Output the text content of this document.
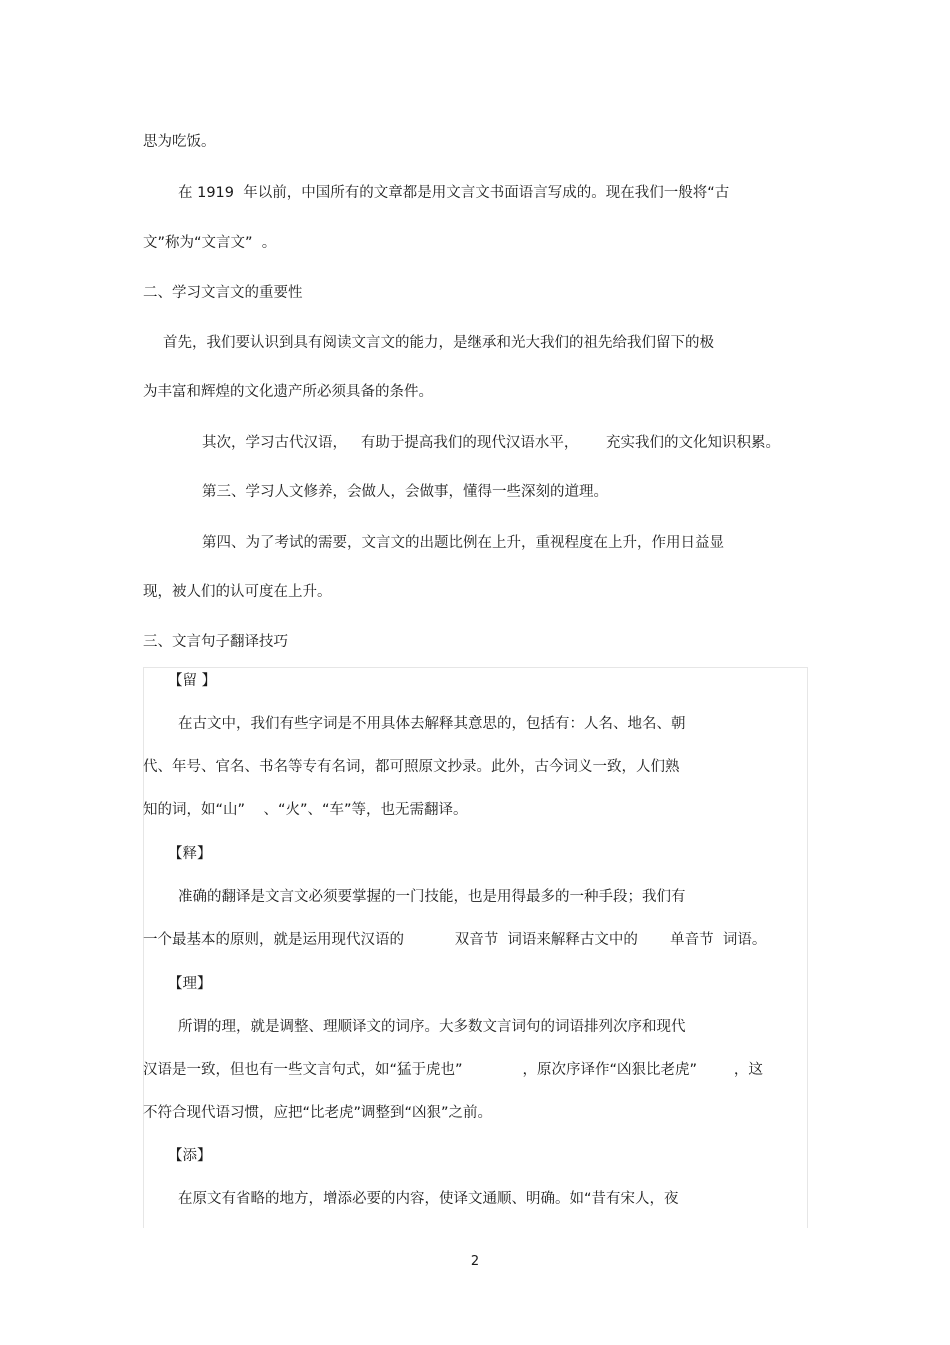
思为吃饭。
在 1919  年以前，中国所有的文章都是用文言文书面语言写成的。现在我们一般将“古
文”称为“文言文”  。
二、学习文言文的重要性
首先，我们要认识到具有阅读文言文的能力，是继承和光大我们的祖先给我们留下的极
为丰富和辉煌的文化遗产所必须具备的条件。
其次，学习古代汉语，   有助于提高我们的现代汉语水平，      充实我们的文化知识积累。
第三、学习人文修养，会做人，会做事，懂得一些深刻的道理。
第四、为了考试的需要，文言文的出题比例在上升，重视程度在上升，作用日益显
现，被人们的认可度在上升。
三、文言句子翻译技巧
【留 】
在古文中，我们有些字词是不用具体去解释其意思的，包括有：人名、地名、朝
代、年号、官名、书名等专有名词，都可照原文抄录。此外，古今词义一致，人们熟
知的词，如“山”    、“火”、“车”等，也无需翻译。
【释】
准确的翻译是文言文必须要掌握的一门技能，也是用得最多的一种手段；我们有
一个最基本的原则，就是运用现代汉语的           双音节  词语来解释古文中的       单音节  词语。
【理】
所谓的理，就是调整、理顺译文的词序。大多数文言词句的词语排列次序和现代
汉语是一致，但也有一些文言句式，如“猛于虎也”             ，原次序译作“凶狠比老虎”        ，这
不符合现代语习惯，应把“比老虎”调整到“凶狠”之前。
【添】
在原文有省略的地方，增添必要的内容，使译文通顺、明确。如“昔有宋人，夜
2
